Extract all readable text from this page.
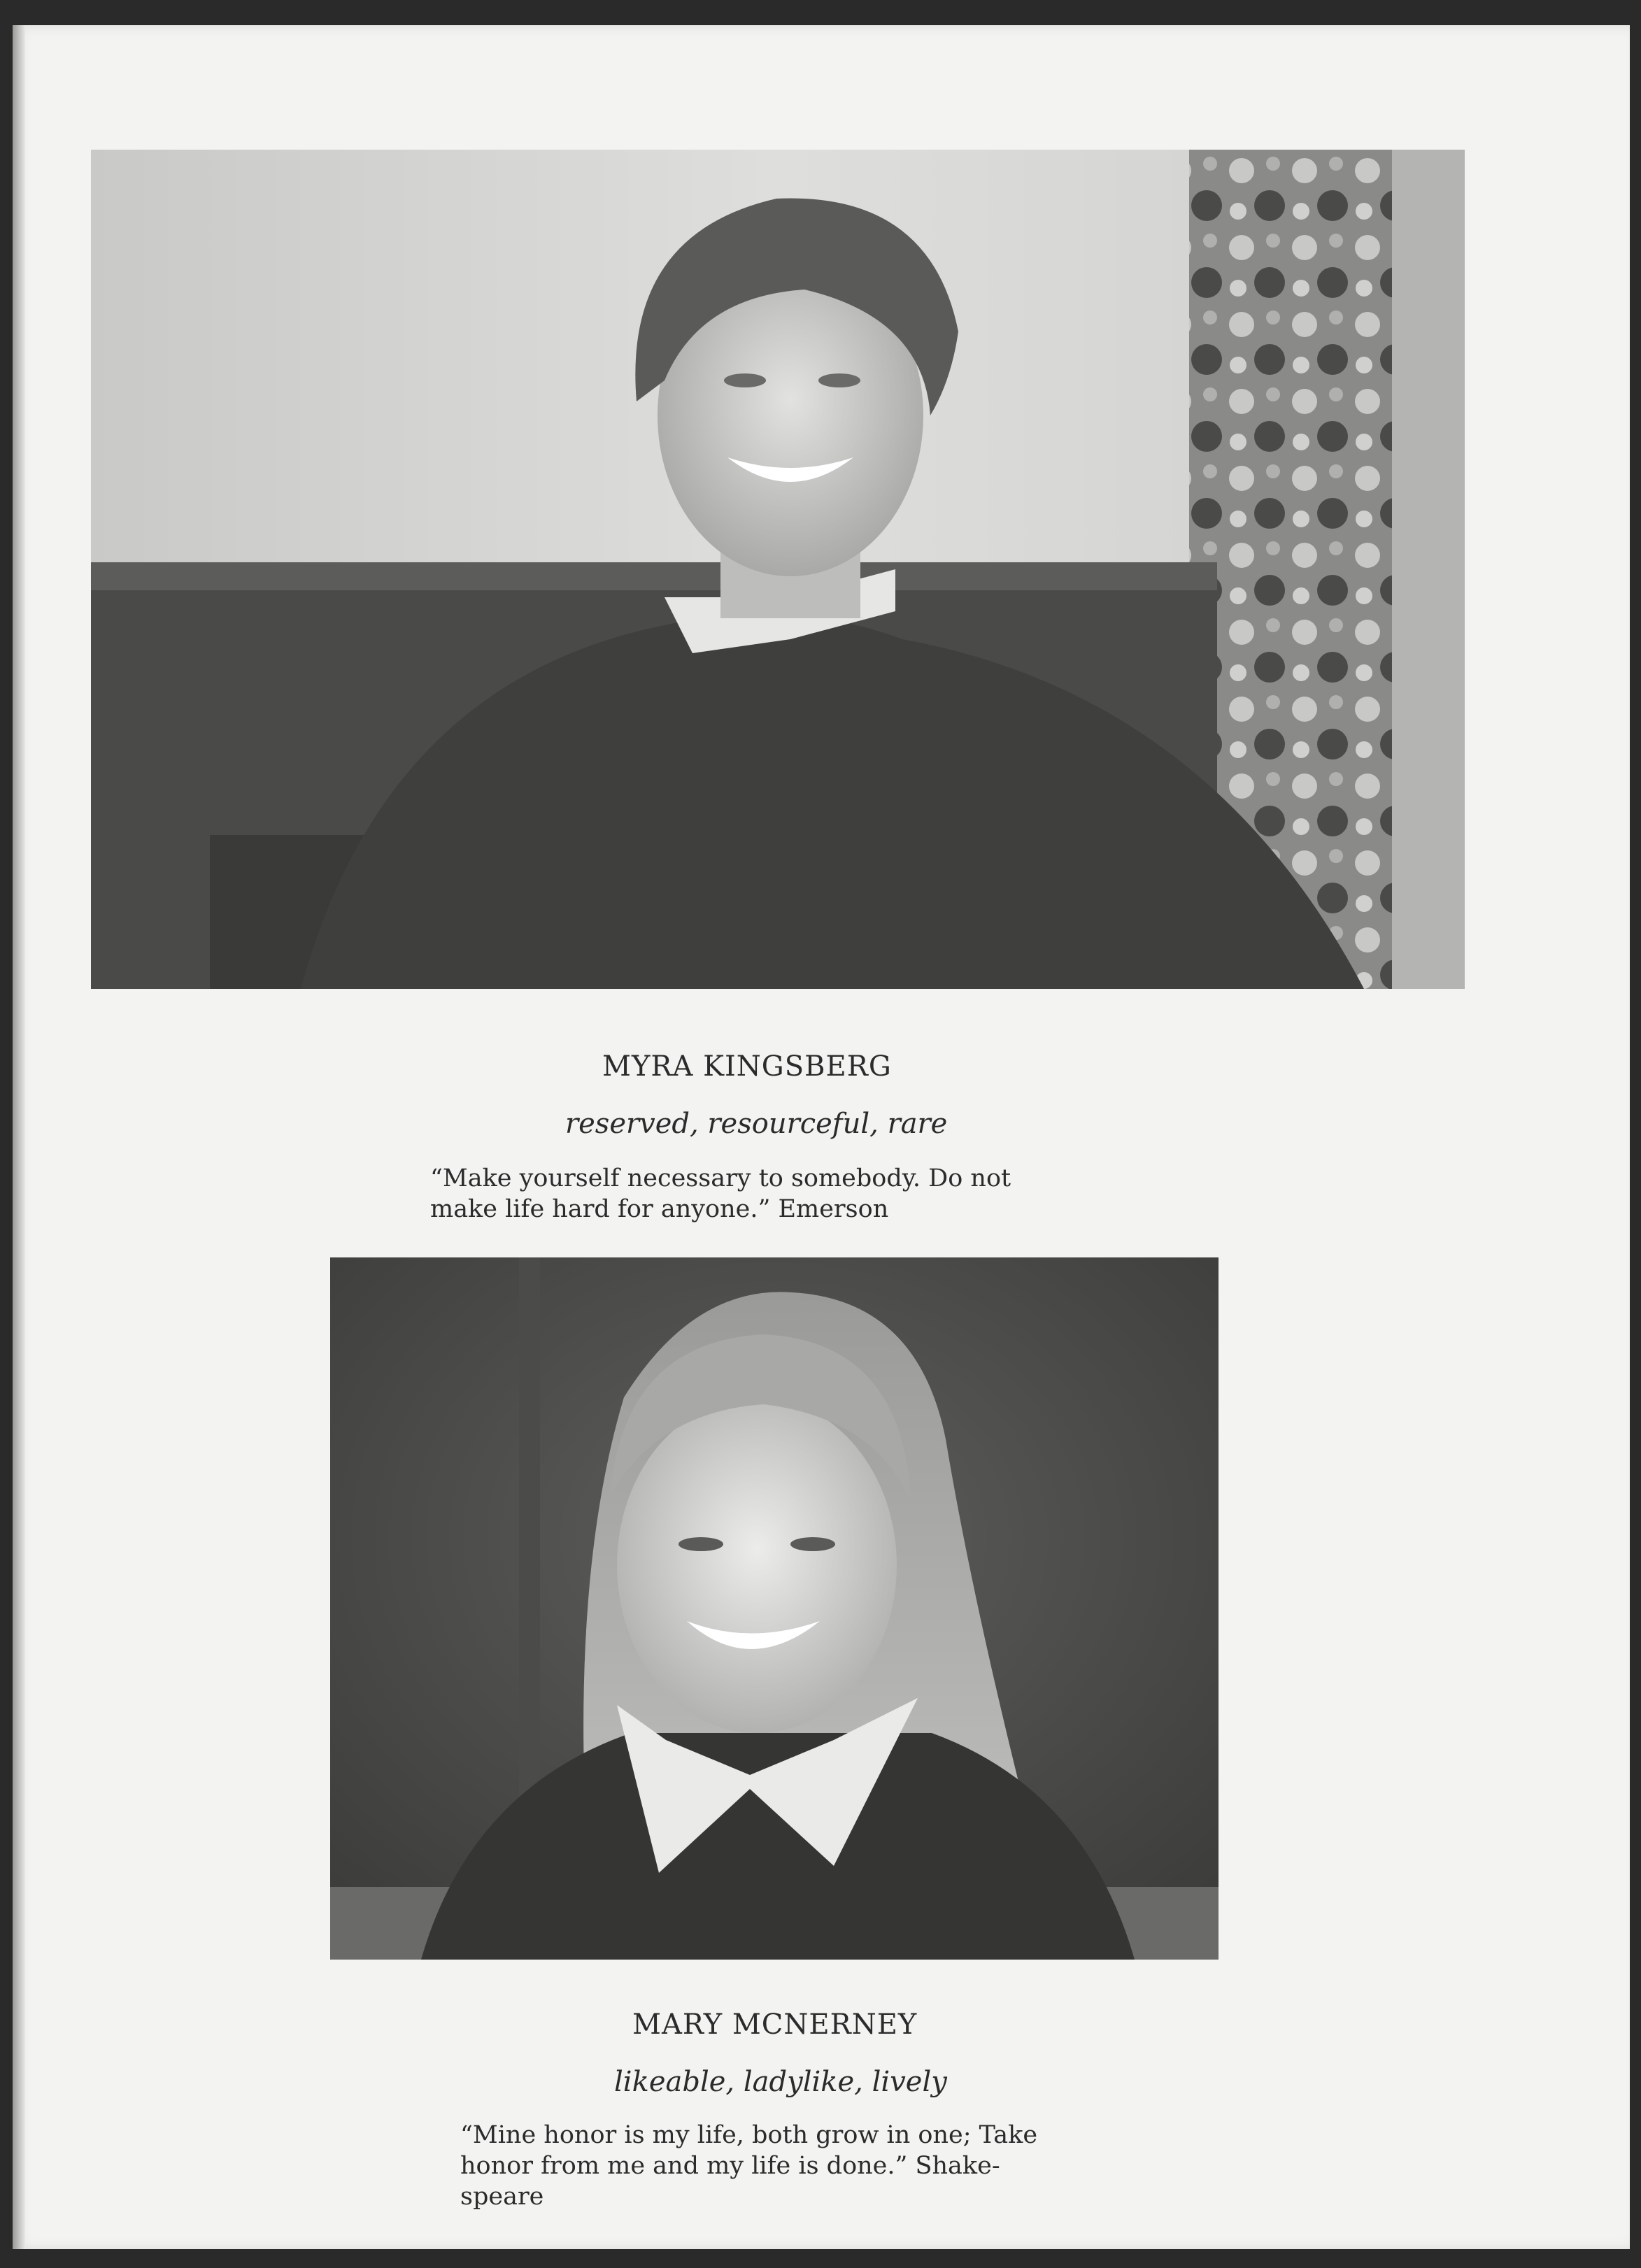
MYRA KINGSBERG
reserved, resourceful, rare
“Make yourself necessary to somebody. Do not
make life hard for anyone.” Emerson
MARY MCNERNEY
likeable, ladylike, lively
“Mine honor is my life, both grow in one; Take
honor from me and my life is done.” Shake-
speare
